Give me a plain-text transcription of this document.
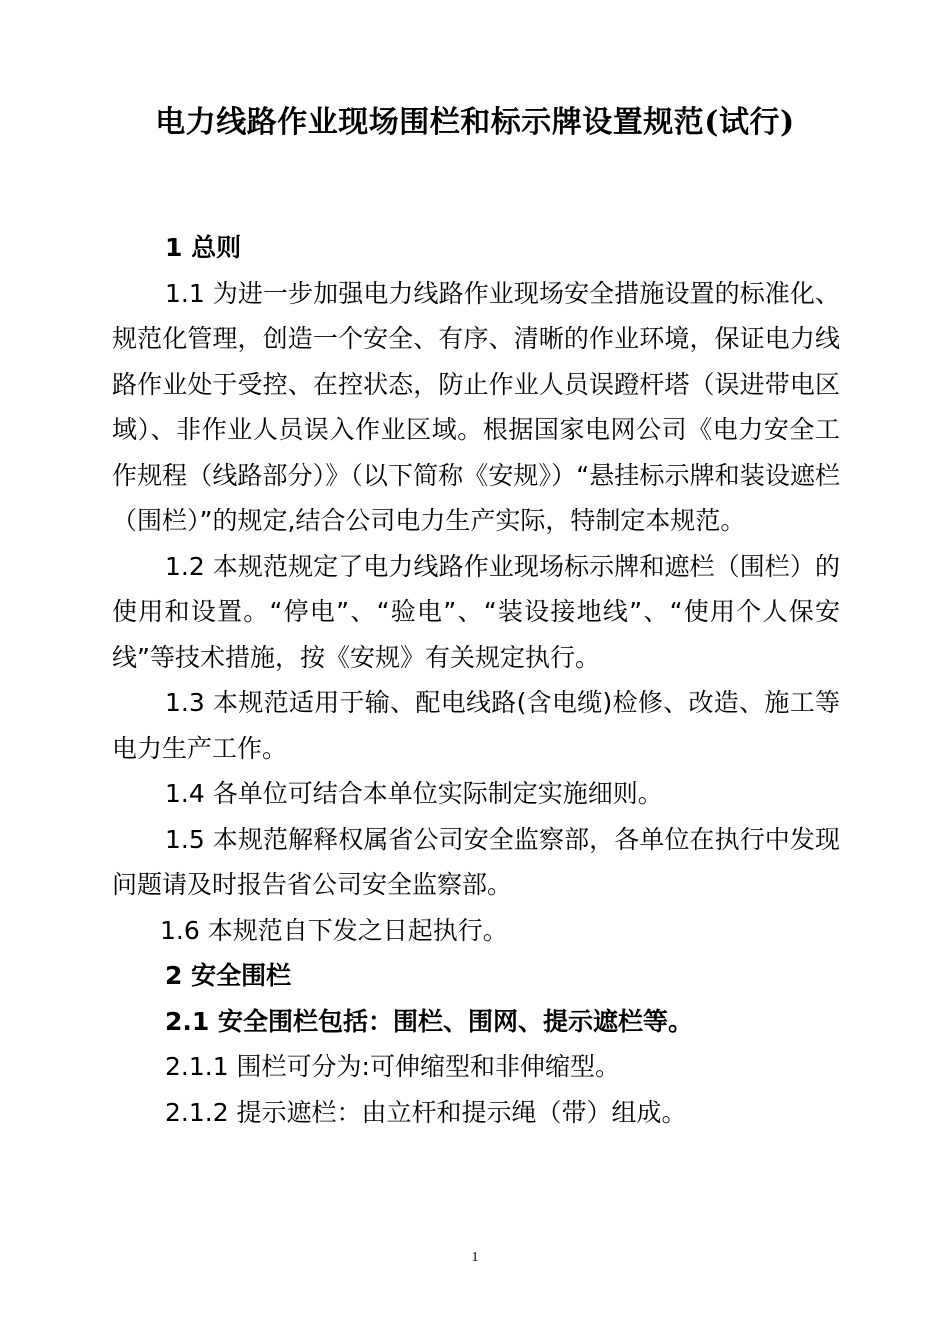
电力线路作业现场围栏和标示牌设置规范(试行)

1 总则

1.1 为进一步加强电力线路作业现场安全措施设置的标准化、规范化管理，创造一个安全、有序、清晰的作业环境，保证电力线路作业处于受控、在控状态，防止作业人员误蹬杆塔（误进带电区域）、非作业人员误入作业区域。根据国家电网公司《电力安全工作规程（线路部分）》（以下简称《安规》）“悬挂标示牌和装设遮栏（围栏）”的规定,结合公司电力生产实际，特制定本规范。

1.2 本规范规定了电力线路作业现场标示牌和遮栏（围栏）的使用和设置。“停电”、“验电”、“装设接地线”、“使用个人保安线”等技术措施，按《安规》有关规定执行。

1.3 本规范适用于输、配电线路(含电缆)检修、改造、施工等电力生产工作。

1.4 各单位可结合本单位实际制定实施细则。

1.5 本规范解释权属省公司安全监察部，各单位在执行中发现问题请及时报告省公司安全监察部。

1.6 本规范自下发之日起执行。

2 安全围栏

2.1 安全围栏包括：围栏、围网、提示遮栏等。

2.1.1 围栏可分为:可伸缩型和非伸缩型。

2.1.2 提示遮栏：由立杆和提示绳（带）组成。

1
